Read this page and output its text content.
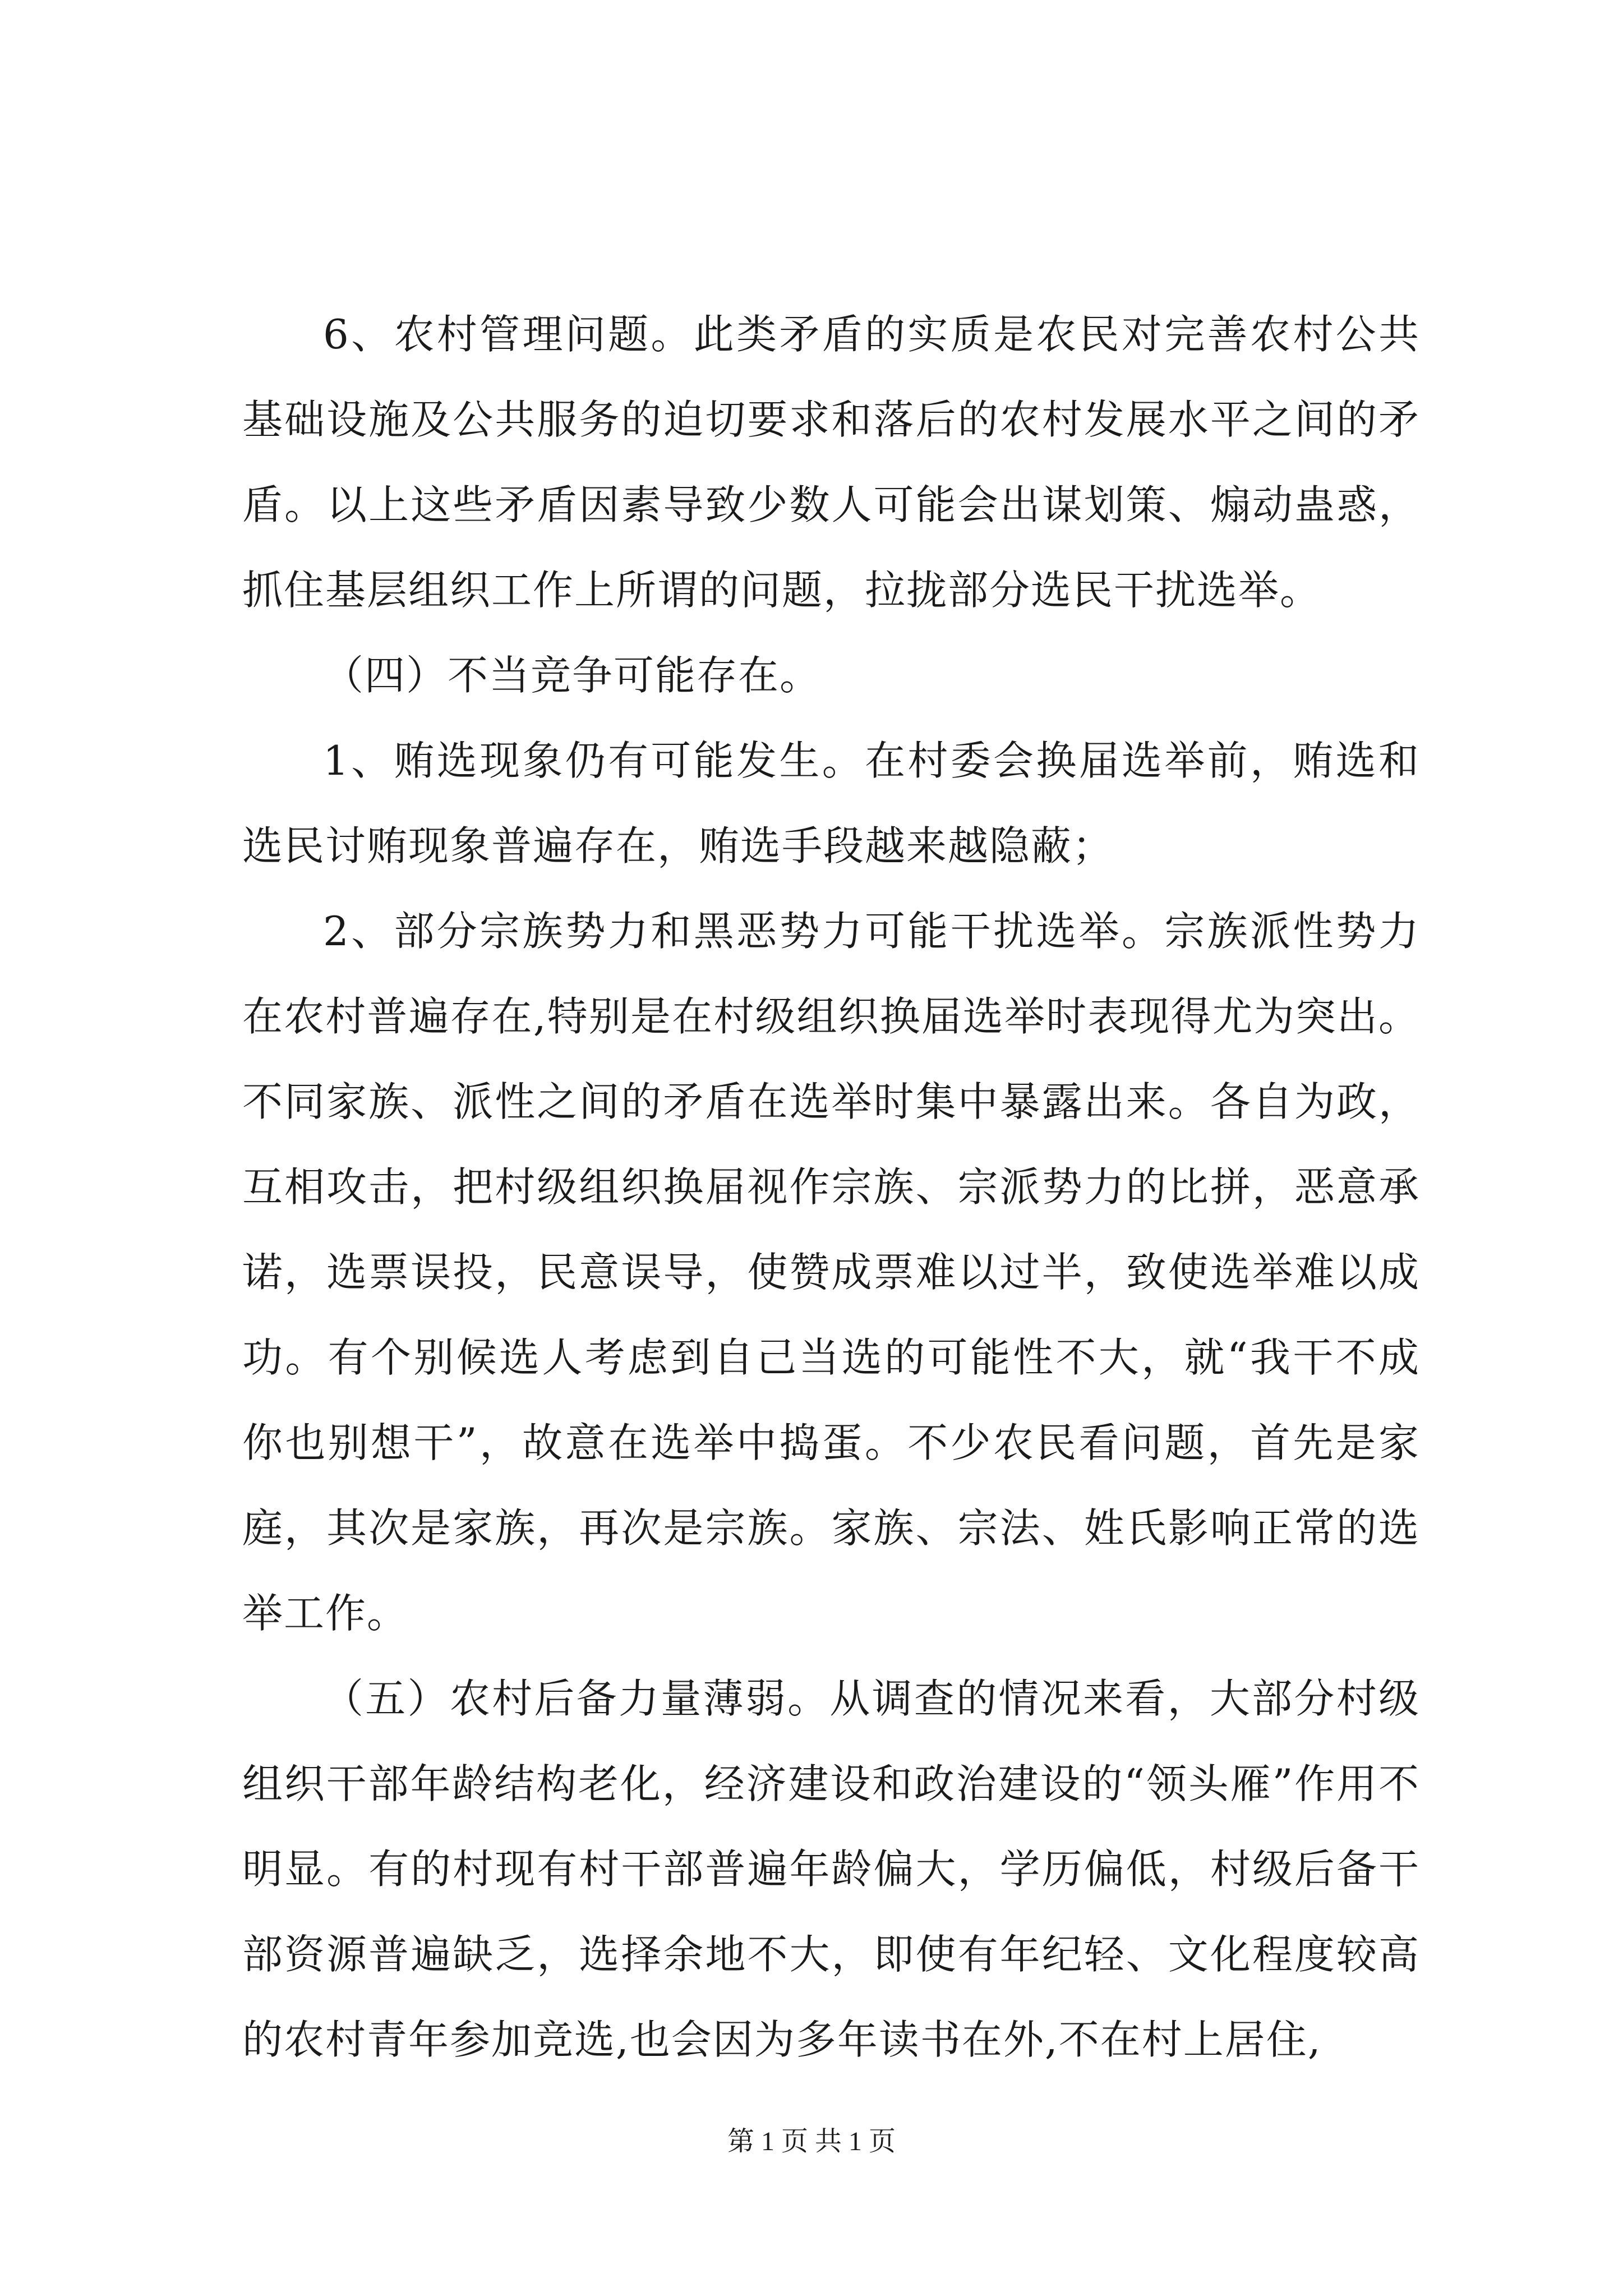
6、农村管理问题。此类矛盾的实质是农民对完善农村公共基础设施及公共服务的迫切要求和落后的农村发展水平之间的矛盾。以上这些矛盾因素导致少数人可能会出谋划策、煽动蛊惑，抓住基层组织工作上所谓的问题，拉拢部分选民干扰选举。

（四）不当竞争可能存在。

1、贿选现象仍有可能发生。在村委会换届选举前，贿选和选民讨贿现象普遍存在，贿选手段越来越隐蔽；

2、部分宗族势力和黑恶势力可能干扰选举。宗族派性势力在农村普遍存在,特别是在村级组织换届选举时表现得尤为突出。不同家族、派性之间的矛盾在选举时集中暴露出来。各自为政，互相攻击，把村级组织换届视作宗族、宗派势力的比拼，恶意承诺，选票误投，民意误导，使赞成票难以过半，致使选举难以成功。有个别候选人考虑到自己当选的可能性不大，就“我干不成你也别想干”，故意在选举中捣蛋。不少农民看问题，首先是家庭，其次是家族，再次是宗族。家族、宗法、姓氏影响正常的选举工作。

（五）农村后备力量薄弱。从调查的情况来看，大部分村级组织干部年龄结构老化，经济建设和政治建设的“领头雁”作用不明显。有的村现有村干部普遍年龄偏大，学历偏低，村级后备干部资源普遍缺乏，选择余地不大，即使有年纪轻、文化程度较高的农村青年参加竞选,也会因为多年读书在外,不在村上居住,

第 1 页 共 1 页
